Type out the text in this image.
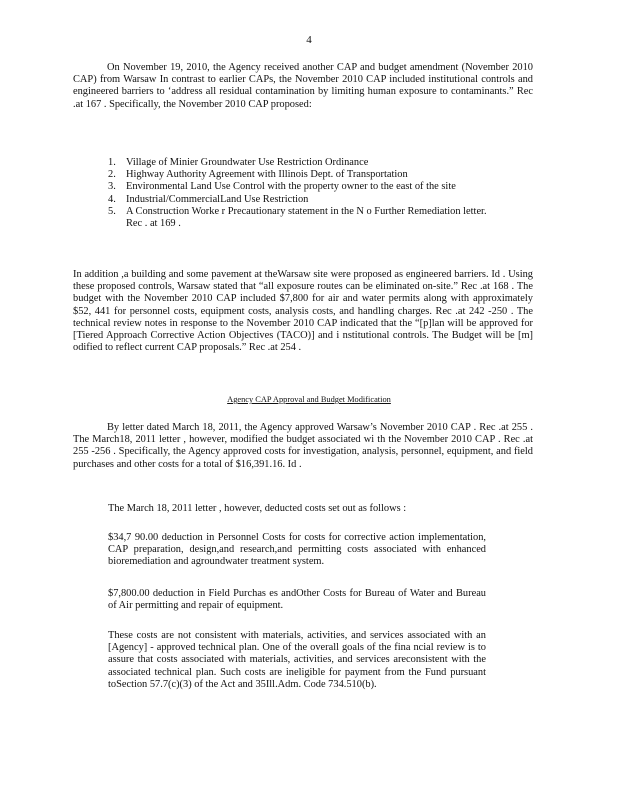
4

On November 19, 2010, the Agency received another CAP and budget amendment (November 2010 CAP) from Warsaw In contrast to earlier CAPs, the November 2010 CAP included institutional controls and engineered barriers to ‘address all residual contamination by limiting human exposure to contaminants.” Rec .at 167 . Specifically, the November 2010 CAP proposed:

1. Village of Minier Groundwater Use Restriction Ordinance
2. Highway Authority Agreement with Illinois Dept. of Transportation
3. Environmental Land Use Control with the property owner to the east of the site
4. Industrial/CommercialLand Use Restriction
5. A Construction Worke r Precautionary statement in the N o Further Remediation letter. Rec . at 169 .

In addition ,a building and some pavement at theWarsaw site were proposed as engineered barriers. Id . Using these proposed controls, Warsaw stated that “all exposure routes can be eliminated on-site.” Rec .at 168 . The budget with the November 2010 CAP included $7,800 for air and water permits along with approximately $52, 441 for personnel costs, equipment costs, analysis costs, and handling charges. Rec .at 242 -250 . The technical review notes in response to the November 2010 CAP indicated that the “[p]lan will be approved for [Tiered Approach Corrective Action Objectives (TACO)] and i nstitutional controls. The Budget will be [m] odified to reflect current CAP proposals.” Rec .at 254 .

Agency CAP Approval and Budget Modification

By letter dated March 18, 2011, the Agency approved Warsaw’s November 2010 CAP . Rec .at 255 . The March18, 2011 letter , however, modified the budget associated wi th the November 2010 CAP . Rec .at 255 -256 . Specifically, the Agency approved costs for investigation, analysis, personnel, equipment, and field purchases and other costs for a total of $16,391.16. Id .

The March 18, 2011 letter , however, deducted costs set out as follows :

$34,7 90.00 deduction in Personnel Costs for costs for corrective action implementation, CAP preparation, design,and research,and permitting costs associated with enhanced bioremediation and agroundwater treatment system.

$7,800.00 deduction in Field Purchas es andOther Costs for Bureau of Water and Bureau of Air permitting and repair of equipment.

These costs are not consistent with materials, activities, and services associated with an [Agency] - approved technical plan. One of the overall goals of the fina ncial review is to assure that costs associated with materials, activities, and services areconsistent with the associated technical plan. Such costs are ineligible for payment from the Fund pursuant toSection 57.7(c)(3) of the Act and 35Ill.Adm. Code 734.510(b).
